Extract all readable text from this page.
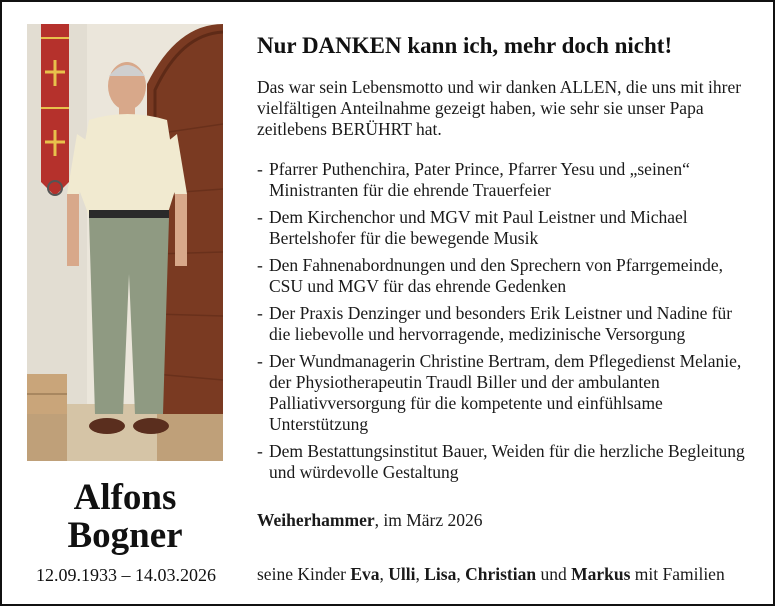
Alfons
Bogner
12.09.1933 – 14.03.2026
Nur DANKEN kann ich, mehr doch nicht!
Das war sein Lebensmotto und wir danken ALLEN, die uns mit ihrer vielfältigen Anteilnahme gezeigt haben, wie sehr sie unser Papa zeitlebens BERÜHRT hat.
- Pfarrer Puthenchira, Pater Prince, Pfarrer Yesu und „seinen“ Ministranten für die ehrende Trauerfeier
- Dem Kirchenchor und MGV mit Paul Leistner und Michael Bertelshofer für die bewegende Musik
- Den Fahnenabordnungen und den Sprechern von Pfarrgemeinde, CSU und MGV für das ehrende Gedenken
- Der Praxis Denzinger und besonders Erik Leistner und Nadine für die liebevolle und hervorragende, medizinische Versorgung
- Der Wundmanagerin Christine Bertram, dem Pflegedienst Melanie, der Physiotherapeutin Traudl Biller und der ambulanten Palliativversorgung für die kompetente und einfühlsame Unterstützung
- Dem Bestattungsinstitut Bauer, Weiden für die herzliche Begleitung und würdevolle Gestaltung
Weiherhammer, im März 2026
seine Kinder Eva, Ulli, Lisa, Christian und Markus mit Familien
